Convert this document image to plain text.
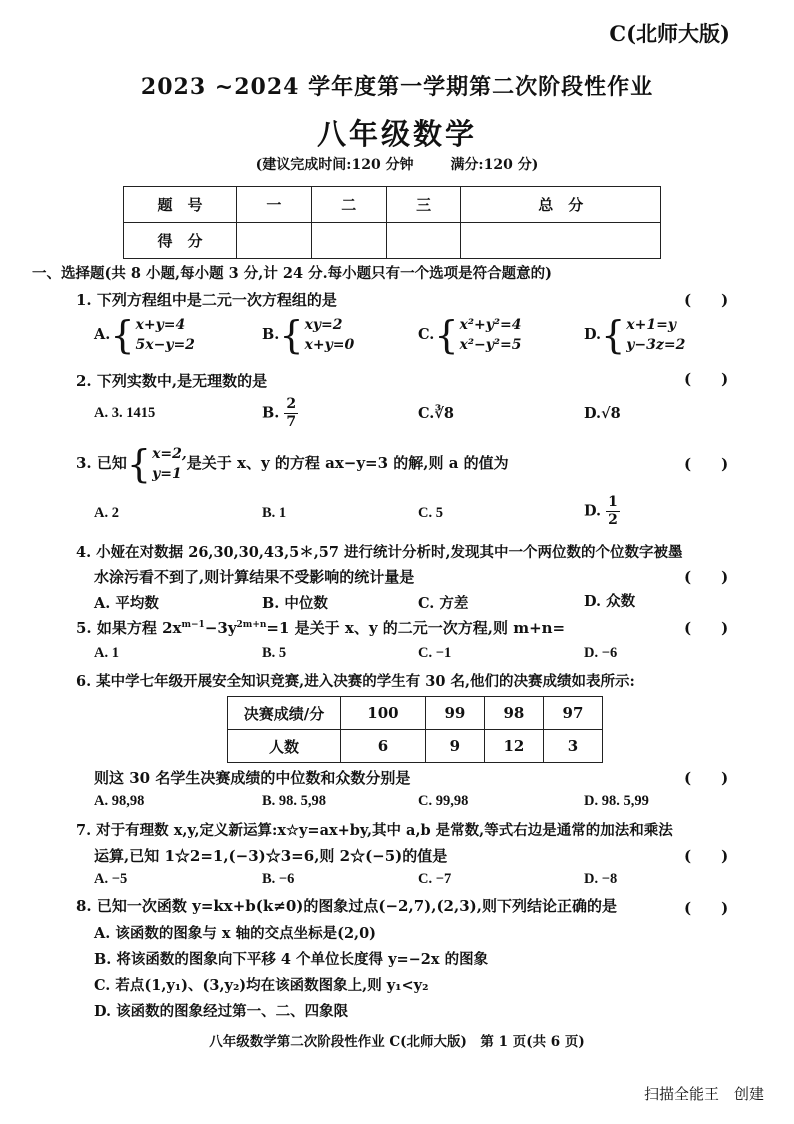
C(北师大版)
2023 ~2024 学年度第一学期第二次阶段性作业
八年级数学
(建议完成时间:120 分钟	满分:120 分)
题　号	一	二	三	总　分
得　分				
一、选择题(共 8 小题,每小题 3 分,计 24 分.每小题只有一个选项是符合题意的)
1. 下列方程组中是二元一次方程组的是	(　　)
A.{ x+y=4
5x−y=2
B.{ xy=2
x+y=0
C.{ x²+y²=4
x²−y²=5
D.{ x+1=y
y−3z=2
2. 下列实数中,是无理数的是	(　　)
A. 3. 1415	B. $\frac{2}{7}$	C.∛8	D.√8
3. 已知{ x=2,
y=1
是关于 x、y 的方程 ax−y=3 的解,则 a 的值为	(　　)
A. 2	B. 1	C. 5	D. $\frac{1}{2}$
4. 小娅在对数据 26,30,30,43,5＊,57 进行统计分析时,发现其中一个两位数的个位数字被墨
水涂污看不到了,则计算结果不受影响的统计量是	(　　)
A. 平均数	B. 中位数	C. 方差	D. 众数
5. 如果方程 $2x^{m-1}-3y^{2m+n}=1$ 是关于 x、y 的二元一次方程,则 m+n=	(　　)
A. 1	B. 5	C. −1	D. −6
6. 某中学七年级开展安全知识竞赛,进入决赛的学生有 30 名,他们的决赛成绩如表所示:
决赛成绩/分	100	99	98	97
人数	6	9	12	3
则这 30 名学生决赛成绩的中位数和众数分别是	(　　)
A. 98,98	B. 98. 5,98	C. 99,98	D. 98. 5,99
7. 对于有理数 x,y,定义新运算:x☆y=ax+by,其中 a,b 是常数,等式右边是通常的加法和乘法
运算,已知 1☆2=1,(−3)☆3=6,则 2☆(−5)的值是	(　　)
A. −5	B. −6	C. −7	D. −8
8. 已知一次函数 y=kx+b(k≠0)的图象过点(−2,7),(2,3),则下列结论正确的是	(　　)
A. 该函数的图象与 x 轴的交点坐标是(2,0)
B. 将该函数的图象向下平移 4 个单位长度得 y=−2x 的图象
C. 若点(1,y₁)、(3,y₂)均在该函数图象上,则 y₁<y₂
D. 该函数的图象经过第一、二、四象限
八年级数学第二次阶段性作业 C(北师大版)　第 1 页(共 6 页)
扫描全能王　创建
